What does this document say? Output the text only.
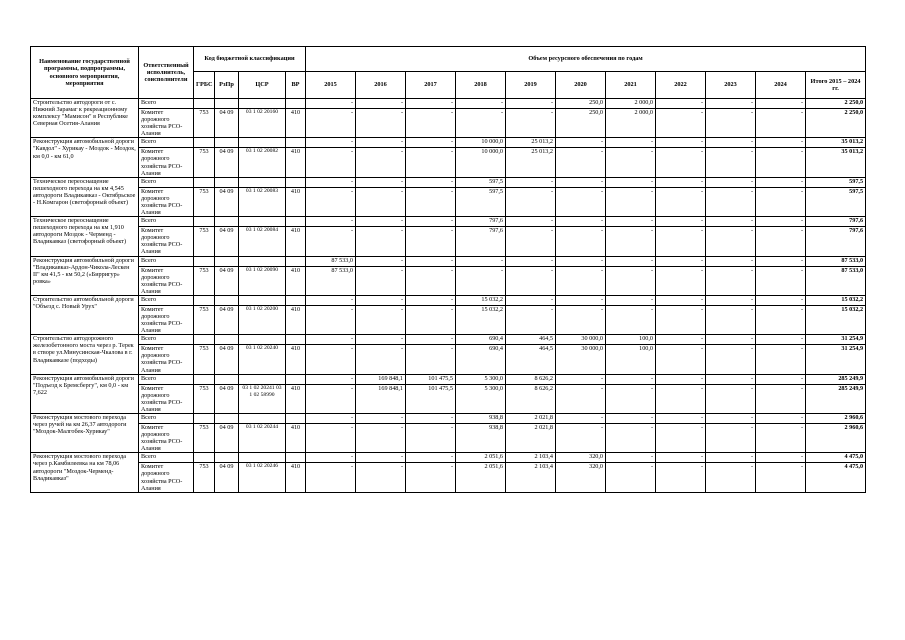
Наименование государственной программы, подпрограммы, основного мероприятия, мероприятия	Ответственный исполнитель, соисполнители	Код бюджетной классификации				Объем ресурсного обеспечения по годам										
		ГРБС	РзПр	ЦСР	ВР	2015	2016	2017	2018	2019	2020	2021	2022	2023	2024	Итого 2015 – 2024 гг.
Строительство автодороги от с. Нижний Зарамаг к рекреационному комплексу "Мамисон" в Республике Северная Осетия-Алания	Всего					-	-	-	-	-	250,0	2 000,0	-	-	-	2 250,0
	Комитет дорожного хозяйства РСО-Алания	753	04 09	03 1 02 20160	410	-	-	-	-	-	250,0	2 000,0	-	-	-	2 250,0
Реконструкция автомобильной дороги "Кавдол" - Хурикау - Моздок - Моздок, км 0,0 - км 61,0	Всего					-	-	-	10 000,0	25 013,2	-	-	-	-	-	35 013,2
	Комитет дорожного хозяйства РСО-Алания	753	04 09	03 1 02 20082	410	-	-	-	10 000,0	25 013,2	-	-	-	-	-	35 013,2
Техническое переоснащение пешеходного перехода на км 4,545 автодороги Владикавказ - Октябрьское - Н.Комгарон (светофорный объект)	Всего					-	-	-	597,5	-	-	-	-	-	-	597,5
	Комитет дорожного хозяйства РСО-Алания	753	04 09	03 1 02 20083	410	-	-	-	597,5	-	-	-	-	-	-	597,5
Техническое переоснащение пешеходного перехода на км 1,910 автодороги Моздок - Черменд - Владикавказ (светофорный объект)	Всего					-	-	-	797,6	-	-	-	-	-	-	797,6
	Комитет дорожного хозяйства РСО-Алания	753	04 09	03 1 02 20084	410	-	-	-	797,6	-	-	-	-	-	-	797,6
Реконструкция автомобильной дороги "Владикавказ-Ардон-Чикола-Лескен II" км 41,5 - км 50,2 («Бирригур» ровка»	Всего					87 533,0	-	-	-	-	-	-	-	-	-	87 533,0
	Комитет дорожного хозяйства РСО-Алания	753	04 09	03 1 02 20090	410	87 533,0	-	-	-	-	-	-	-	-	-	87 533,0
Строительство автомобильной дороги "Объезд с. Новый Урух"	Всего					-	-	-	15 032,2	-	-	-	-	-	-	15 032,2
	Комитет дорожного хозяйства РСО-Алания	753	04 09	03 1 02 20200	410	-	-	-	15 032,2	-	-	-	-	-	-	15 032,2
Строительство автодорожного железобетонного моста через р. Терек в створе ул.Минусинская-Чкалова в г. Владикавказе (подходы)	Всего					-	-	-	690,4	464,5	30 000,0	100,0	-	-	-	31 254,9
	Комитет дорожного хозяйства РСО-Алания	753	04 09	03 1 02 20240	410	-	-	-	690,4	464,5	30 000,0	100,0	-	-	-	31 254,9
Реконструкция автомобильной дороги "Подъезд к Бремсбергу", км 0,0 - км 7,622	Всего					-	169 848,1	101 475,5	5 300,0	8 626,2	-	-	-	-	-	285 249,9
	Комитет дорожного хозяйства РСО-Алания	753	04 09	03 1 02 20241 03 1 02 58990	410	-	169 848,1	101 475,5	5 300,0	8 626,2	-	-	-	-	-	285 249,9
Реконструкция мостового перехода через ручей на км 26,37 автодороги "Моздок-Малгобек-Хурикау"	Всего					-	-	-	938,8	2 021,8	-	-	-	-	-	2 960,6
	Комитет дорожного хозяйства РСО-Алания	753	04 09	03 1 02 20244	410	-	-	-	938,8	2 021,8	-	-	-	-	-	2 960,6
Реконструкция мостового перехода через р.Камбилеевка на км 78,06 автодороги "Моздок-Черменд-Владикавказ"	Всего					-	-	-	2 051,6	2 103,4	320,0	-	-	-	-	4 475,0
	Комитет дорожного хозяйства РСО-Алания	753	04 09	03 1 02 20246	410	-	-	-	2 051,6	2 103,4	320,0	-	-	-	-	4 475,0
